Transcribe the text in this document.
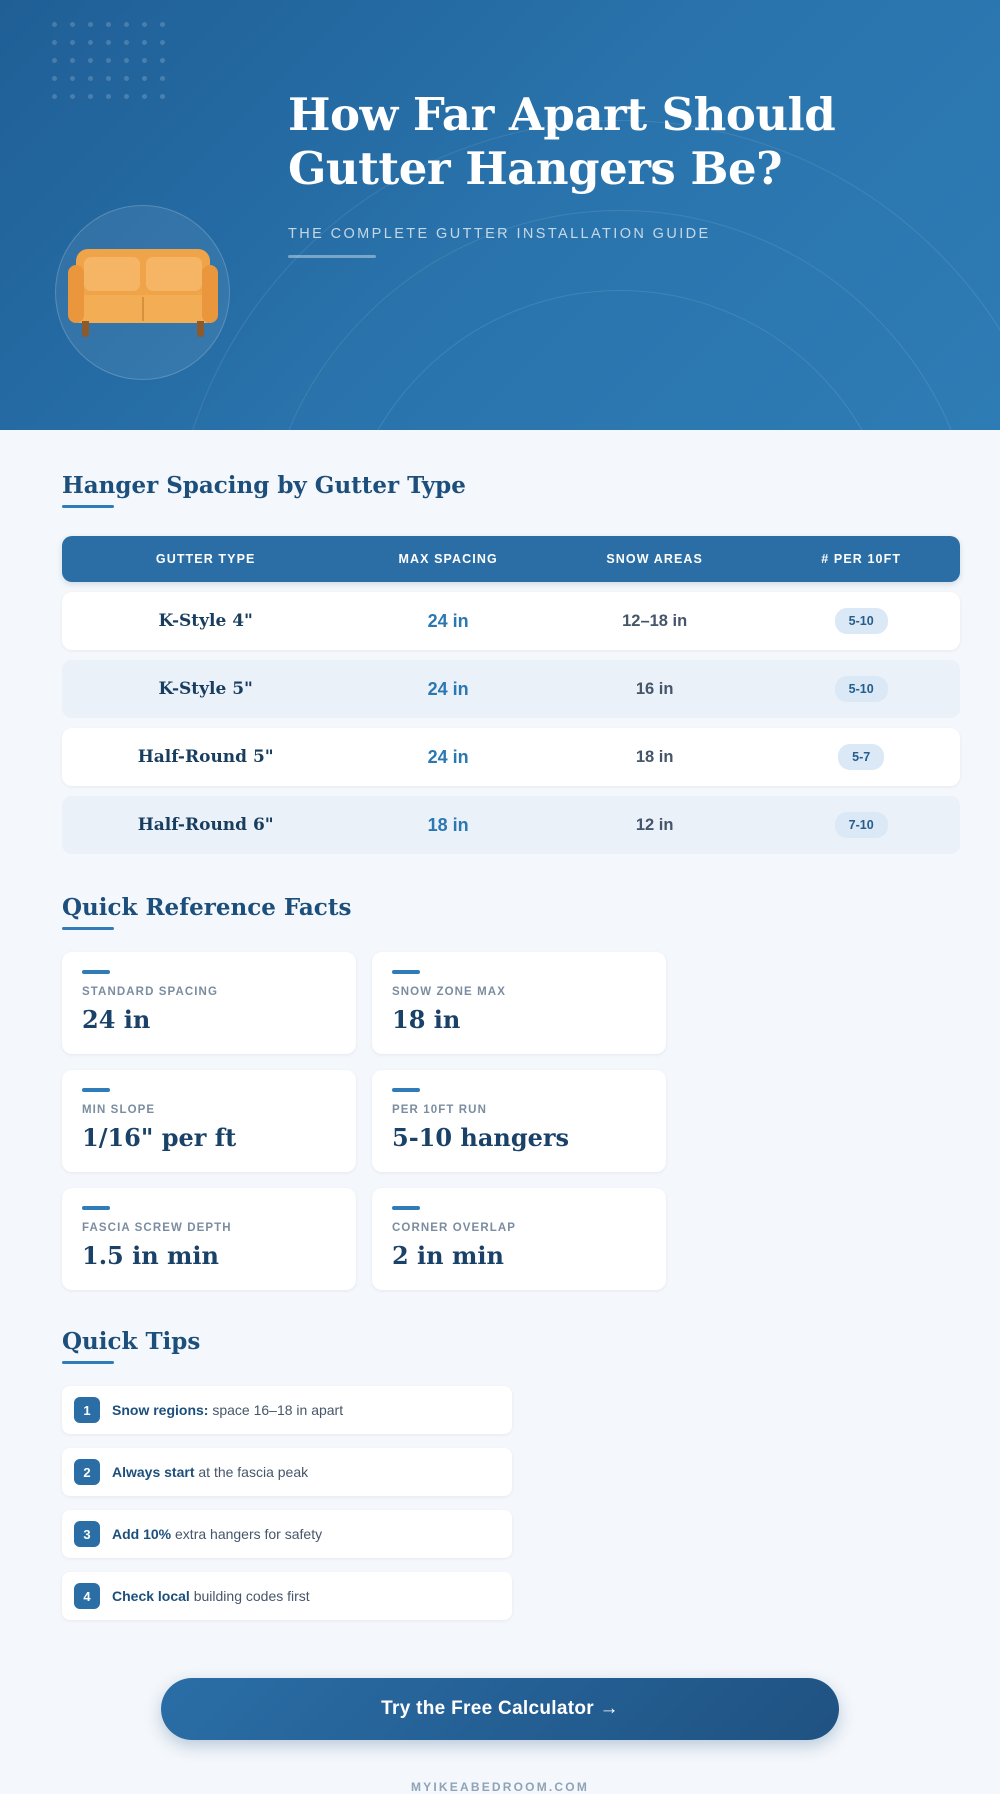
How Far Apart Should Gutter Hangers Be?
THE COMPLETE GUTTER INSTALLATION GUIDE
Hanger Spacing by Gutter Type
GUTTER TYPE	MAX SPACING	SNOW AREAS	# PER 10FT
K-Style 4"	24 in	12–18 in	5-10
K-Style 5"	24 in	16 in	5-10
Half-Round 5"	24 in	18 in	5-7
Half-Round 6"	18 in	12 in	7-10
Quick Reference Facts
STANDARD SPACING
24 in
SNOW ZONE MAX
18 in
MIN SLOPE
1/16" per ft
PER 10FT RUN
5-10 hangers
FASCIA SCREW DEPTH
1.5 in min
CORNER OVERLAP
2 in min
Quick Tips
1	Snow regions: space 16–18 in apart
2	Always start at the fascia peak
3	Add 10% extra hangers for safety
4	Check local building codes first
Try the Free Calculator →
MYIKEABEDROOM.COM
